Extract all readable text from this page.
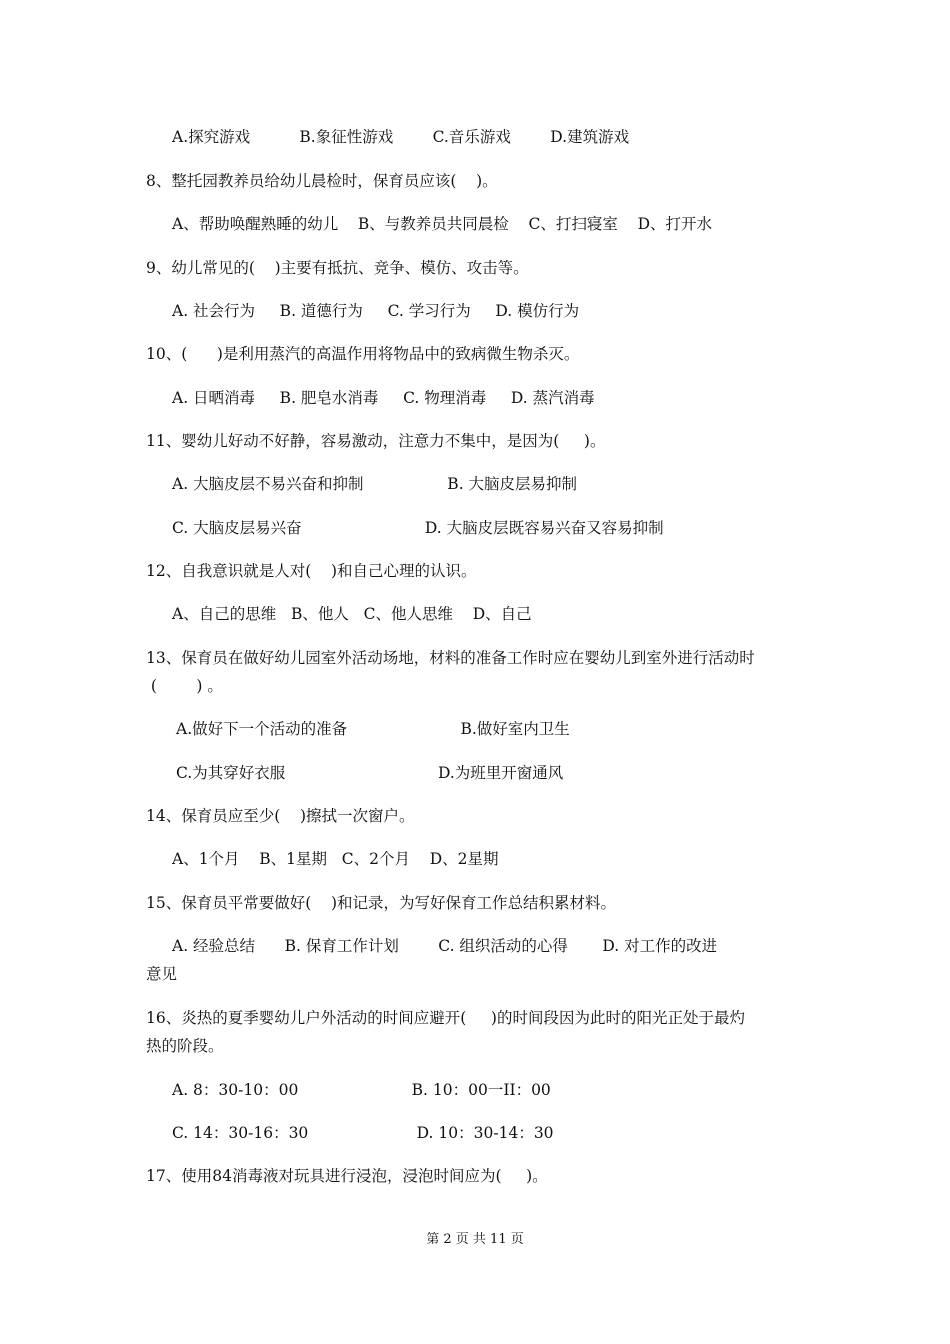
A.探究游戏          B.象征性游戏        C.音乐游戏        D.建筑游戏
8、整托园教养员给幼儿晨检时，保育员应该(    )。
A、帮助唤醒熟睡的幼儿    B、与教养员共同晨检    C、打扫寝室    D、打开水
9、幼儿常见的(    )主要有抵抗、竞争、模仿、攻击等。
A. 社会行为     B. 道德行为     C. 学习行为     D. 模仿行为
10、(      )是利用蒸汽的高温作用将物品中的致病微生物杀灭。
A. 日晒消毒     B. 肥皂水消毒     C. 物理消毒     D. 蒸汽消毒
11、婴幼儿好动不好静，容易激动，注意力不集中，是因为(     )。
A. 大脑皮层不易兴奋和抑制                 B. 大脑皮层易抑制
C. 大脑皮层易兴奋                         D. 大脑皮层既容易兴奋又容易抑制
12、自我意识就是人对(    )和自己心理的认识。
A、自己的思维   B、他人   C、他人思维    D、自己
13、保育员在做好幼儿园室外活动场地，材料的准备工作时应在婴幼儿到室外进行活动时
(        ) 。
A.做好下一个活动的准备                       B.做好室内卫生
C.为其穿好衣服                               D.为班里开窗通风
14、保育员应至少(    )擦拭一次窗户。
A、1个月    B、1星期   C、2个月    D、2星期
15、保育员平常要做好(    )和记录，为写好保育工作总结积累材料。
A. 经验总结      B. 保育工作计划        C. 组织活动的心得       D. 对工作的改进
意见
16、炎热的夏季婴幼儿户外活动的时间应避开(     )的时间段因为此时的阳光正处于最灼
热的阶段。
A. 8：30-10：00                       B. 10：00一II：00
C. 14：30-16：30                      D. 10：30-14：30
17、使用84消毒液对玩具进行浸泡，浸泡时间应为(     )。
第 2 页 共 11 页
